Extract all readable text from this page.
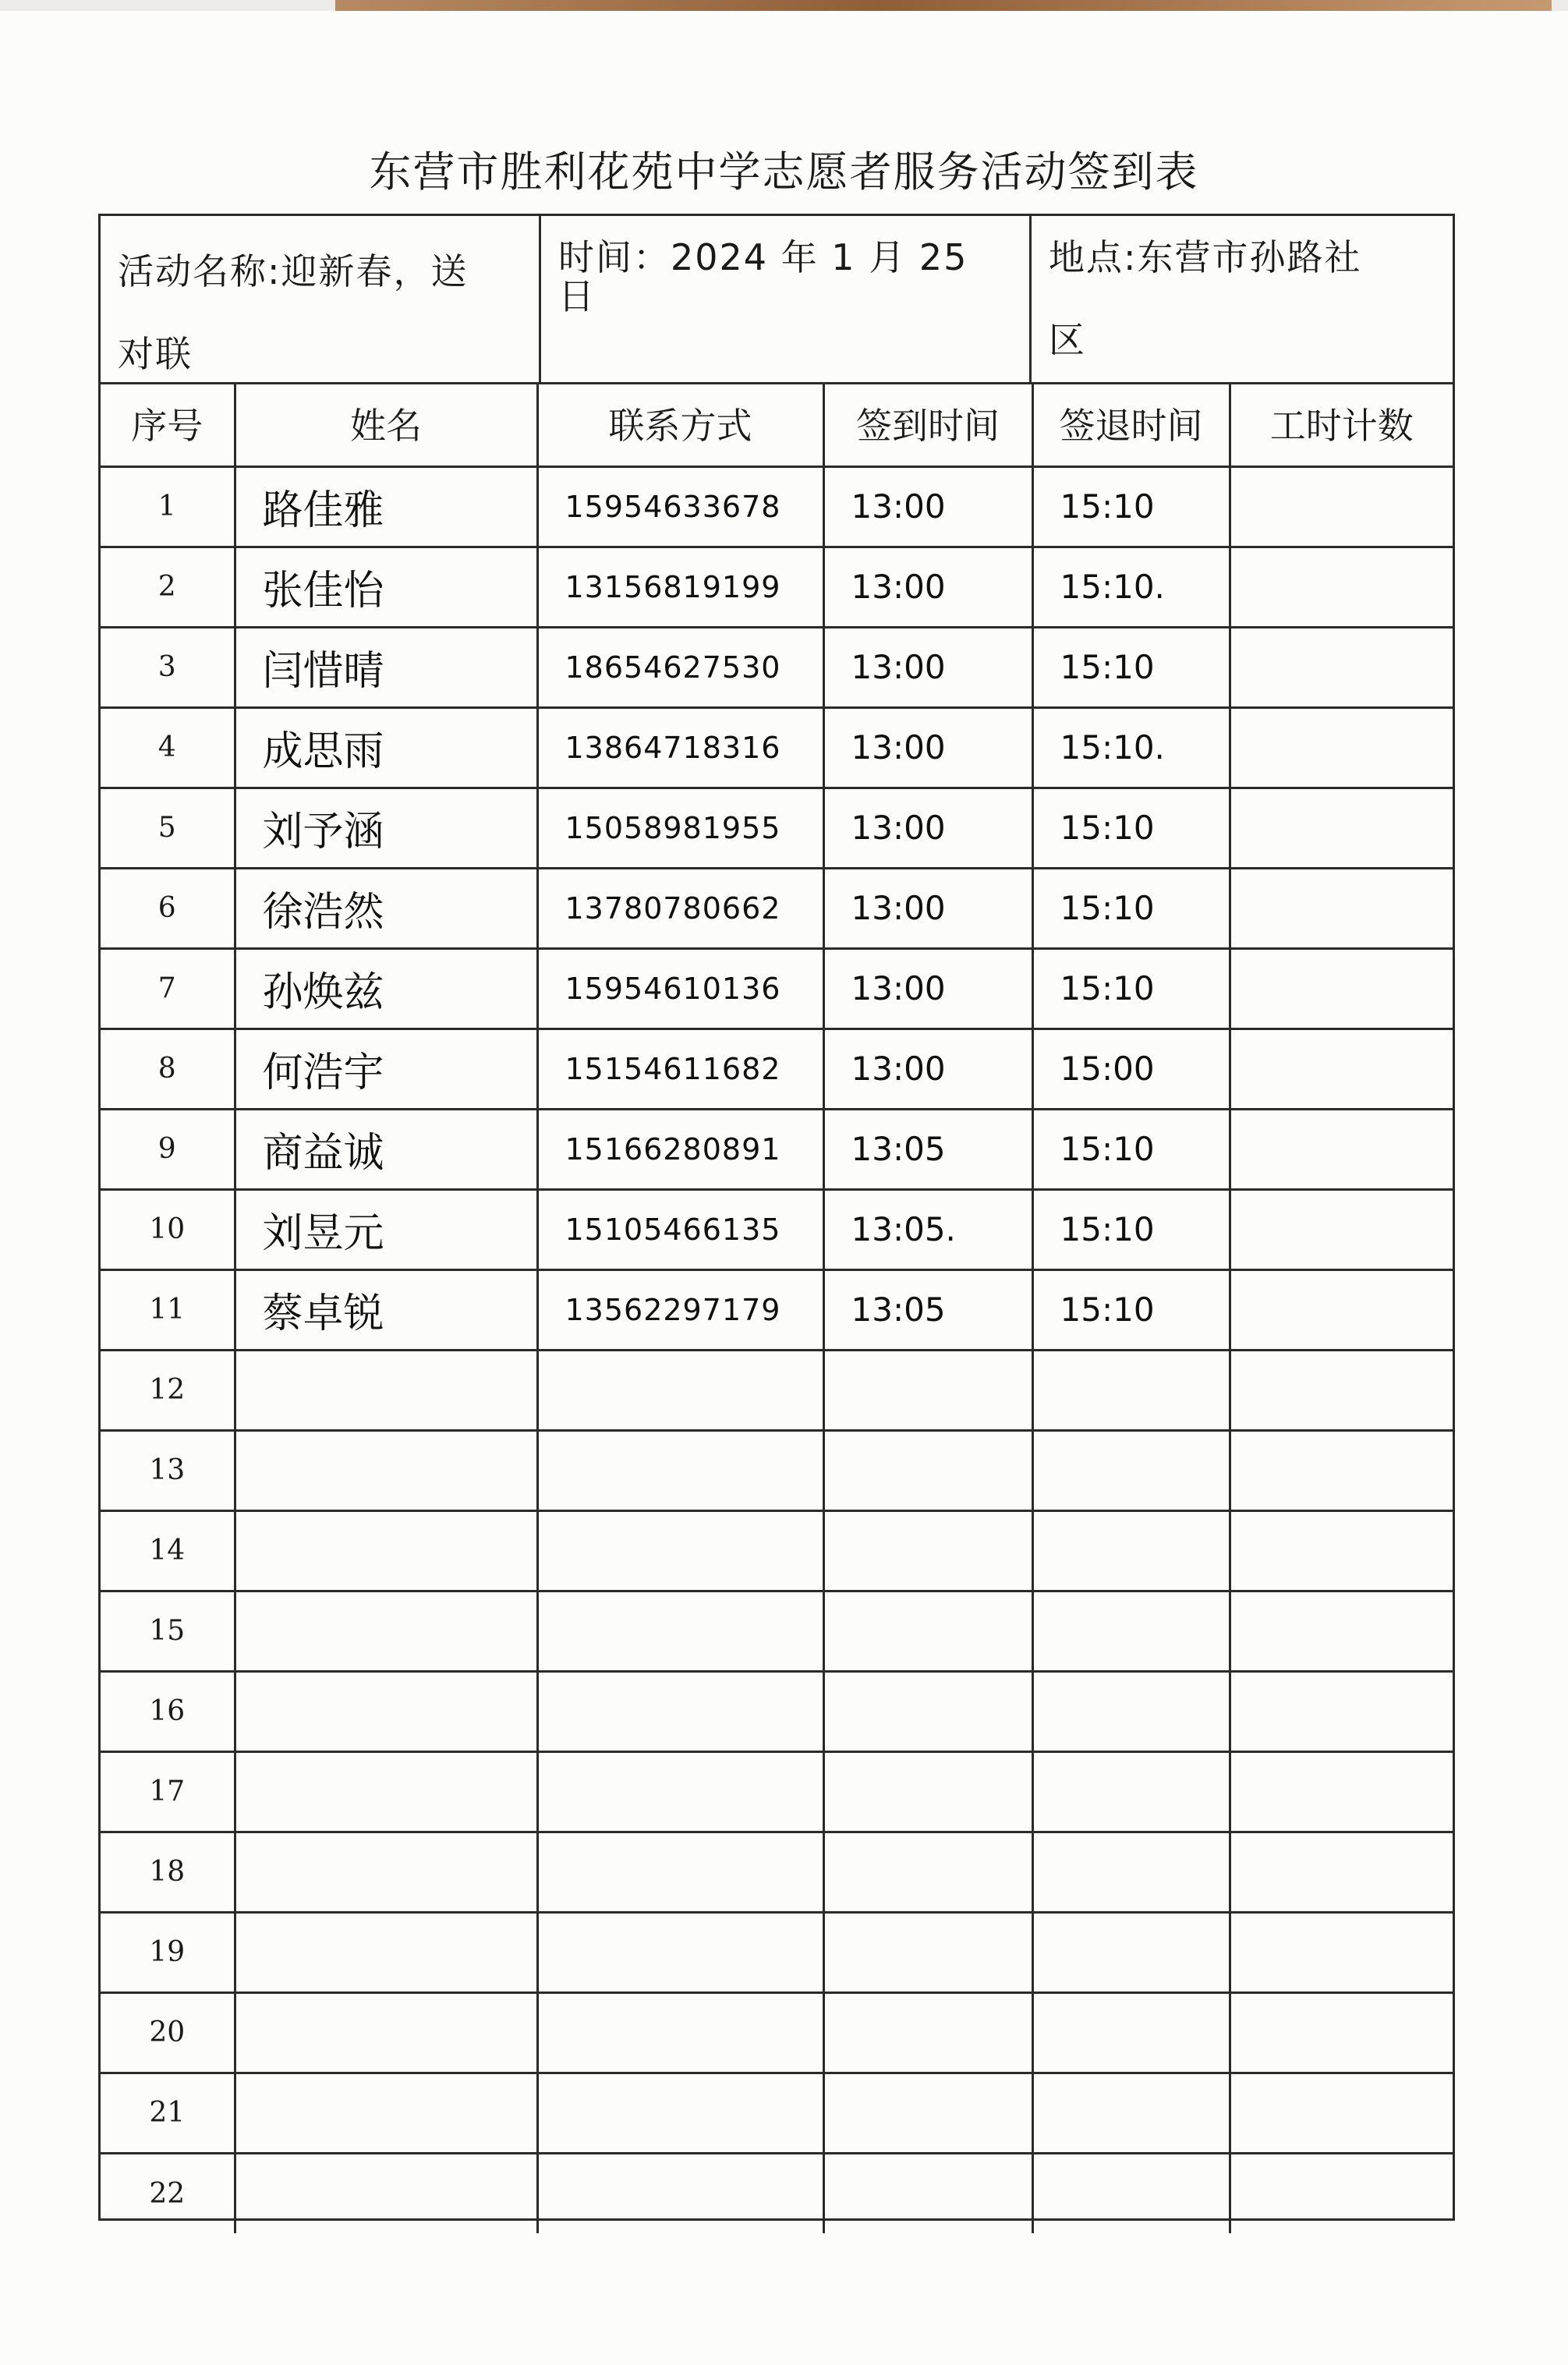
东营市胜利花苑中学志愿者服务活动签到表
活动名称:迎新春，送
对联
时间：2024 年 1 月 25 日
地点:东营市孙路社
区
序号	姓名	联系方式	签到时间	签退时间	工时计数
1	路佳雅	15954633678	13:00	15:10	
2	张佳怡	13156819199	13:00	15:10.	
3	闫惜晴	18654627530	13:00	15:10	
4	成思雨	13864718316	13:00	15:10.	
5	刘予涵	15058981955	13:00	15:10	
6	徐浩然	13780780662	13:00	15:10	
7	孙焕兹	15954610136	13:00	15:10	
8	何浩宇	15154611682	13:00	15:00	
9	商益诚	15166280891	13:05	15:10	
10	刘昱元	15105466135	13:05.	15:10	
11	蔡卓锐	13562297179	13:05	15:10	
12					
13					
14					
15					
16					
17					
18					
19					
20					
21					
22					
